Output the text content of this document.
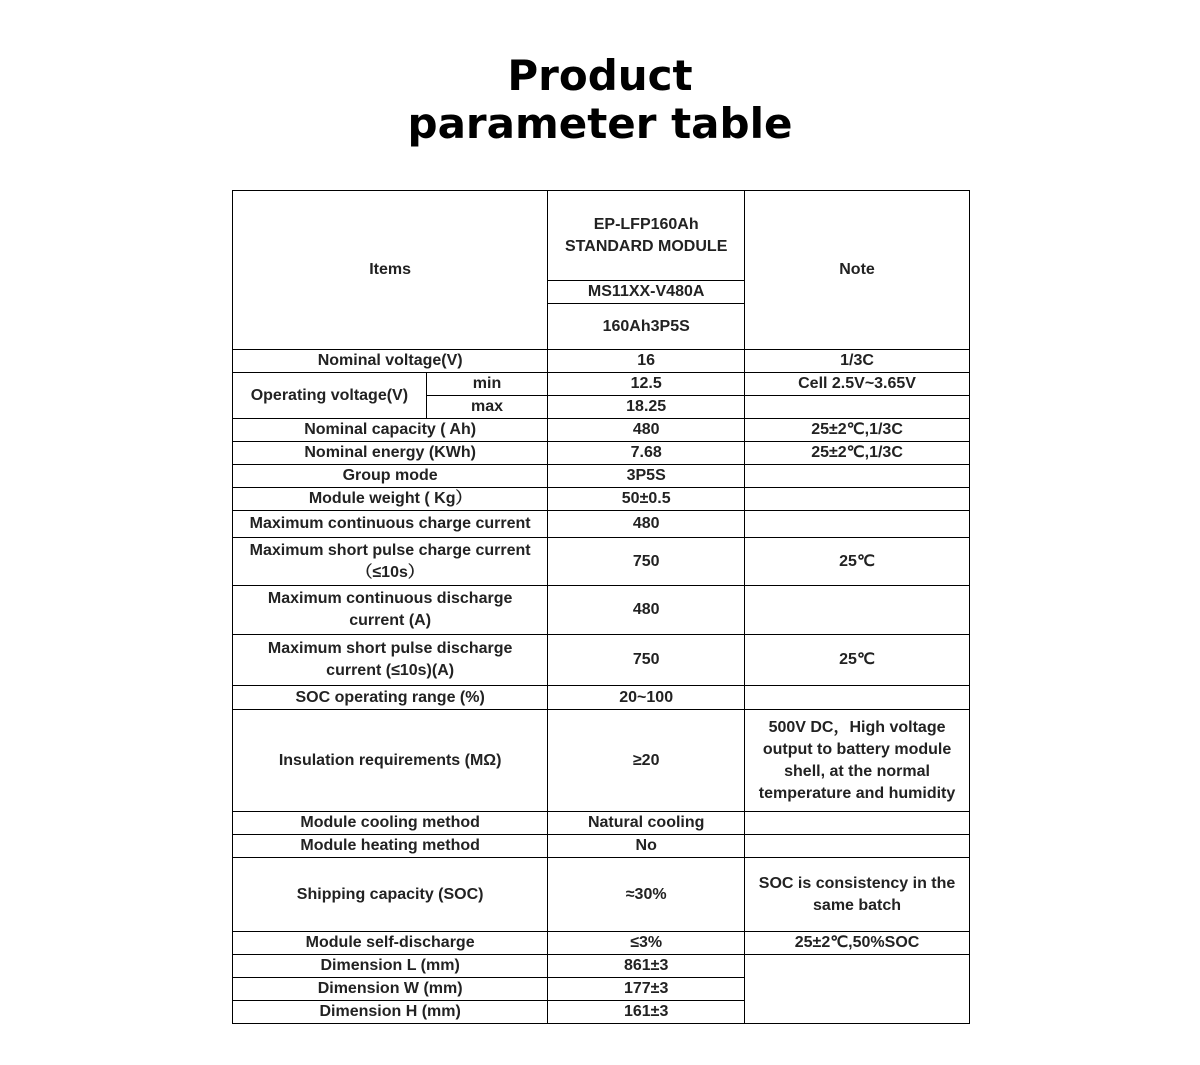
Product
parameter table
Items		EP-LFP160Ah STANDARD MODULE	Note
		MS11XX-V480A	
		160Ah3P5S	
Nominal voltage(V)		16	1/3C
Operating voltage(V)	min	12.5	Cell 2.5V~3.65V
	max	18.25	
Nominal capacity ( Ah)		480	25±2℃,1/3C
Nominal energy (KWh)		7.68	25±2℃,1/3C
Group mode		3P5S	
Module weight ( Kg）		50±0.5	
Maximum continuous charge current		480	
Maximum short pulse charge current （≤10s）		750	25℃
Maximum continuous discharge current (A)		480	
Maximum short pulse discharge current (≤10s)(A)		750	25℃
SOC operating range (%)		20~100	
Insulation requirements (MΩ)		≥20	500V DC，High voltage output to battery module shell, at the normal temperature and humidity
Module cooling method		Natural cooling	
Module heating method		No	
Shipping capacity (SOC)		≈30%	SOC is consistency in the same batch
Module self-discharge		≤3%	25±2℃,50%SOC
Dimension L (mm)		861±3	
Dimension W (mm)		177±3	
Dimension H (mm)		161±3	
